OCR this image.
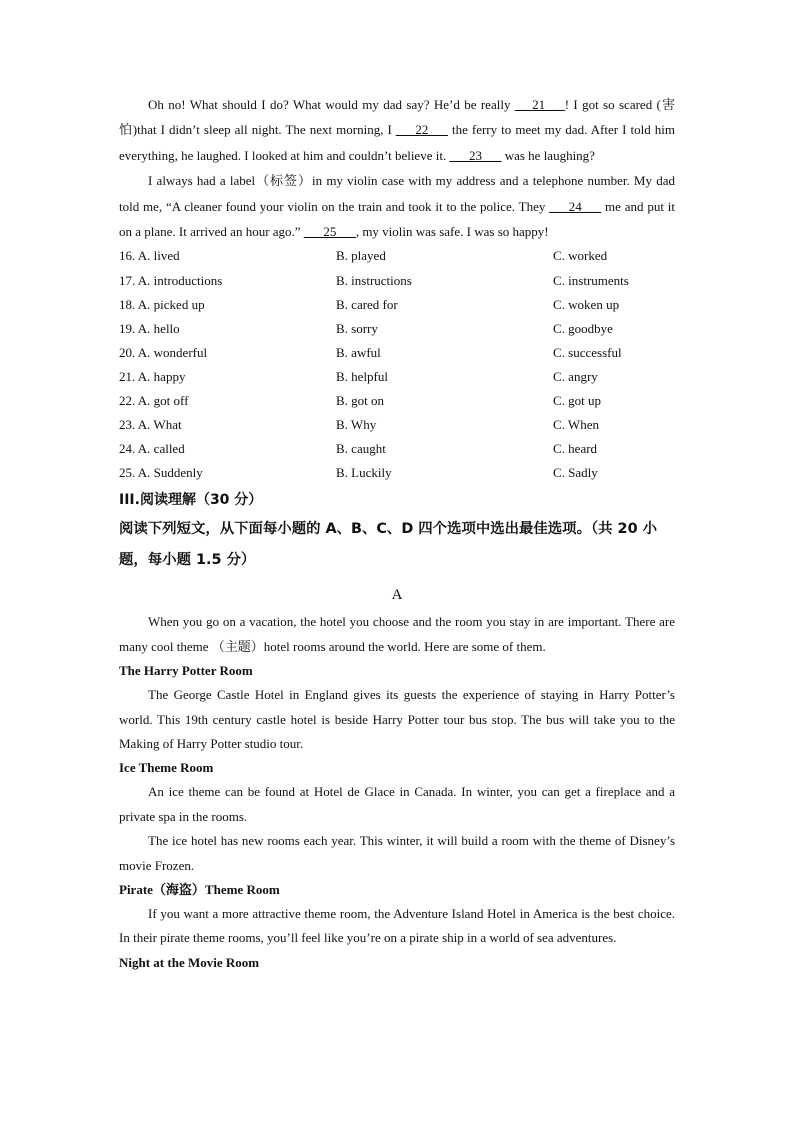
Oh no! What should I do? What would my dad say? He’d be really  __21___! I got so scared (害怕)that I didn’t sleep all night. The next morning, I ___22___ the ferry to meet my dad. After I told him everything, he laughed. I looked at him and couldn’t believe it. ___23___ was he laughing?

I always had a label（标签）in my violin case with my address and a telephone number. My dad told me, “A cleaner found your violin on the train and took it to the police. They ___24___ me and put it on a plane. It arrived an hour ago.” ___25___, my violin was safe. I was so happy!

16. A. lived	B. played	C. worked
17. A. introductions	B. instructions	C. instruments
18. A. picked up	B. cared for	C. woken up
19. A. hello	B. sorry	C. goodbye
20. A. wonderful	B. awful	C. successful
21. A. happy	B. helpful	C. angry
22. A. got off	B. got on	C. got up
23. A. What	B. Why	C. When
24. A. called	B. caught	C. heard
25. A. Suddenly	B. Luckily	C. Sadly
III.阅读理解（30 分）

阅读下列短文，从下面每小题的 A、B、C、D 四个选项中选出最佳选项。（共 20 小题，每小题 1.5 分）

A

When you go on a vacation, the hotel you choose and the room you stay in are important. There are many cool theme （主题）hotel rooms around the world. Here are some of them.

The Harry Potter Room

The George Castle Hotel in England gives its guests the experience of staying in Harry Potter’s world. This 19th century castle hotel is beside Harry Potter tour bus stop. The bus will take you to the Making of Harry Potter studio tour.

Ice Theme Room

An ice theme can be found at Hotel de Glace in Canada. In winter, you can get a fireplace and a private spa in the rooms.

The ice hotel has new rooms each year. This winter, it will build a room with the theme of Disney’s movie Frozen.

Pirate（海盗）Theme Room

If you want a more attractive theme room, the Adventure Island Hotel in America is the best choice. In their pirate theme rooms, you’ll feel like you’re on a pirate ship in a world of sea adventures.

Night at the Movie Room
